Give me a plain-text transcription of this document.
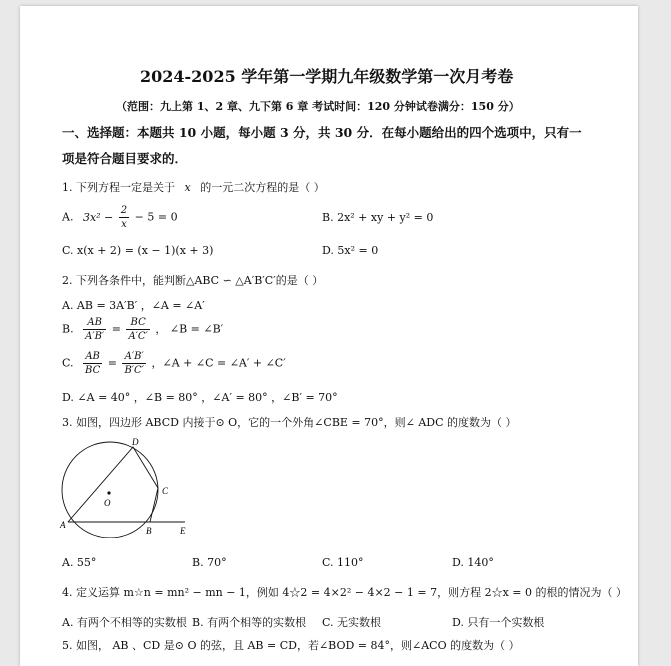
2024-2025 学年第一学期九年级数学第一次月考卷
（范围：九上第 1、2 章、九下第 6 章 考试时间：120 分钟试卷满分：150 分）
一、选择题：本题共 10 小题，每小题 3 分，共 30 分．在每小题给出的四个选项中，只有一
项是符合题目要求的．
1. 下列方程一定是关于 x 的一元二次方程的是（ ）
A. $3x^2 - \frac{2}{x} - 5 = 0$	B. 2x² + xy + y² = 0
C. x(x + 2) = (x − 1)(x + 3)	D. 5x² = 0
2. 下列各条件中，能判断△ABC ∽ △A′B′C′的是（ ）
A. AB = 3A′B′ ，∠A = ∠A′
B. $\frac{AB}{A'B'} = \frac{BC}{A'C'}$ ， ∠B = ∠B′
C. $\frac{AB}{BC} = \frac{A'B'}{B'C'}$ ，∠A + ∠C = ∠A′ + ∠C′
D. ∠A = 40° ，∠B = 80° ，∠A′ = 80° ，∠B′ = 70°
3. 如图，四边形 ABCD 内接于⊙ O，它的一个外角∠CBE = 70°，则∠ ADC 的度数为（ ）
A
B
C
D
E
O
A. 55°	B. 70°	C. 110°	D. 140°
4. 定义运算 m☆n = mn² − mn − 1，例如 4☆2 = 4×2² − 4×2 − 1 = 7，则方程 2☆x = 0 的根的情况为（ ）
A. 有两个不相等的实数根 B. 有两个相等的实数根 C. 无实数根	D. 只有一个实数根
5. 如图， AB 、CD 是⊙ O 的弦，且 AB = CD，若∠BOD = 84°，则∠ACO 的度数为（ ）
